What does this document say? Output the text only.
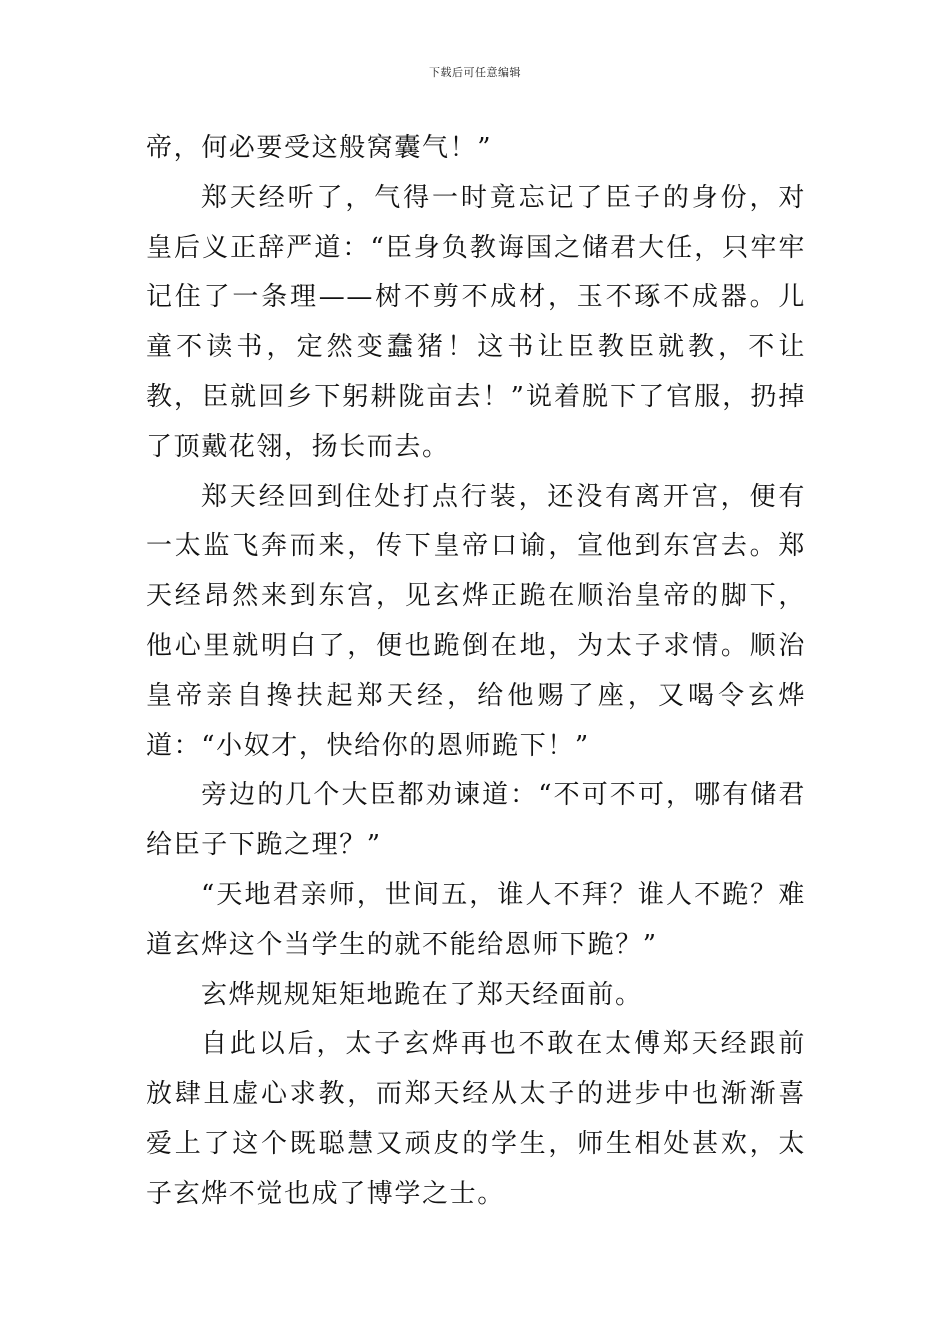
下载后可任意编辑

帝，何必要受这般窝囊气！”

郑天经听了，气得一时竟忘记了臣子的身份，对皇后义正辞严道：“臣身负教诲国之储君大任，只牢牢记住了一条理——树不剪不成材，玉不琢不成器。儿童不读书，定然变蠢猪！这书让臣教臣就教，不让教，臣就回乡下躬耕陇亩去！”说着脱下了官服，扔掉了顶戴花翎，扬长而去。

郑天经回到住处打点行装，还没有离开宫，便有一太监飞奔而来，传下皇帝口谕，宣他到东宫去。郑天经昂然来到东宫，见玄烨正跪在顺治皇帝的脚下，他心里就明白了，便也跪倒在地，为太子求情。顺治皇帝亲自搀扶起郑天经，给他赐了座，又喝令玄烨道：“小奴才，快给你的恩师跪下！”

旁边的几个大臣都劝谏道：“不可不可，哪有储君给臣子下跪之理？”

“天地君亲师，世间五，谁人不拜？谁人不跪？难道玄烨这个当学生的就不能给恩师下跪？”

玄烨规规矩矩地跪在了郑天经面前。

自此以后，太子玄烨再也不敢在太傅郑天经跟前放肆且虚心求教，而郑天经从太子的进步中也渐渐喜爱上了这个既聪慧又顽皮的学生，师生相处甚欢，太子玄烨不觉也成了博学之士。
